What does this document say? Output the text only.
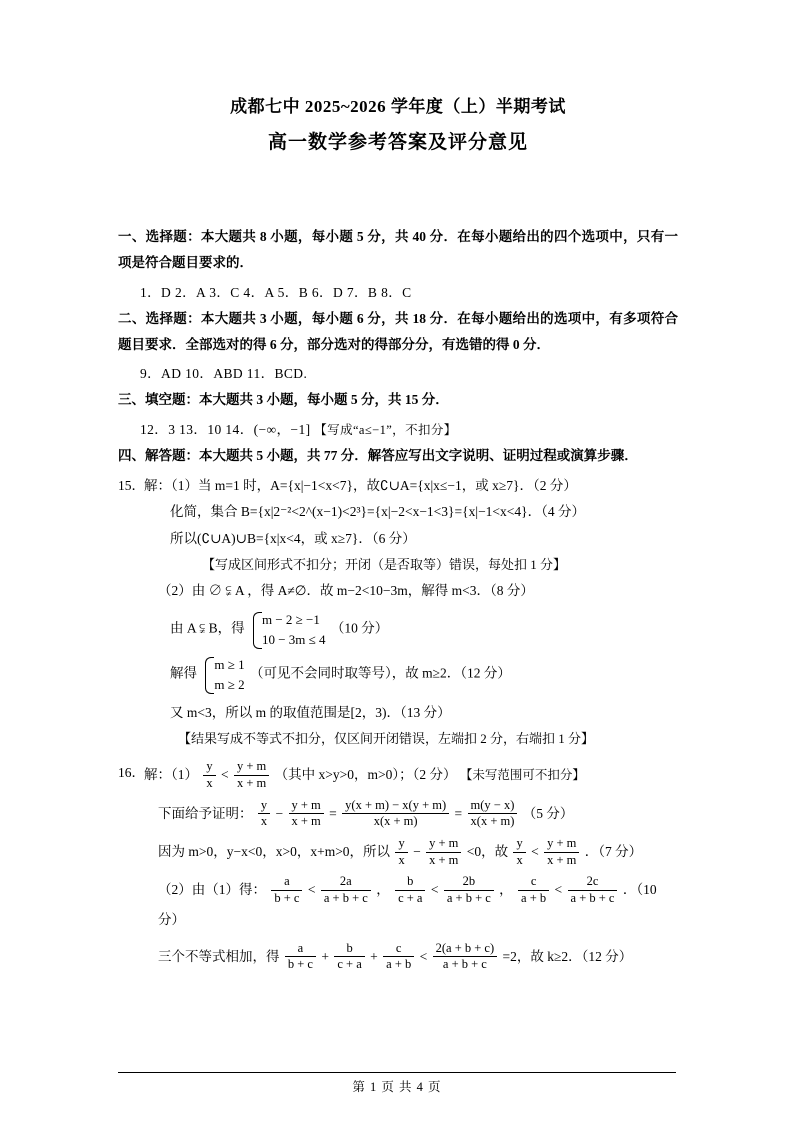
成都七中 2025~2026 学年度（上）半期考试
高一数学参考答案及评分意见
一、选择题：本大题共 8 小题，每小题 5 分，共 40 分．在每小题给出的四个选项中，只有一项是符合题目要求的．
1．D 2．A 3．C 4．A 5．B 6．D 7．B 8．C
二、选择题：本大题共 3 小题，每小题 6 分，共 18 分．在每小题给出的选项中，有多项符合题目要求．全部选对的得 6 分，部分选对的得部分分，有选错的得 0 分．
9．AD 10．ABD 11．BCD.
三、填空题：本大题共 3 小题，每小题 5 分，共 15 分．
12．3 13．10 14．(−∞，−1] 【写成“a≤−1”，不扣分】
四、解答题：本大题共 5 小题，共 77 分．解答应写出文字说明、证明过程或演算步骤．
15． 解：（1）当 m=1 时，A={x|−1<x<7}，故∁∪A={x|x≤−1，或 x≥7}．（2 分）
化简，集合 B={x|2⁻²<2^(x−1)<2³}={x|−2<x−1<3}={x|−1<x<4}．（4 分）
所以(∁∪A)∪B={x|x<4，或 x≥7}．（6 分）
【写成区间形式不扣分；开闭（是否取等）错误，每处扣 1 分】
（2）由 ∅ ⫋ A ，得 A≠∅．故 m−2<10−3m，解得 m<3．（8 分）
由 A ⫋ B，得
m − 2 ≥ −1
10 − 3m ≤ 4
（10 分）
解得
m ≥ 1
m ≥ 2
（可见不会同时取等号），故 m≥2．（12 分）
又 m<3，所以 m 的取值范围是[2，3)．（13 分）
【结果写成不等式不扣分，仅区间开闭错误，左端扣 2 分，右端扣 1 分】
16． 解：$(1) \frac{y}{x} < \frac{y + m}{x + m}$ （其中 x>y>0，m>0）；（2 分） 【未写范围可不扣分】
下面给予证明： $\frac{y}{x} - \frac{y + m}{x + m} = \frac{y(x + m) - x(y + m)}{x(x + m)} = \frac{m(y - x)}{x(x + m)} (5$ 分）
因为 m>0，y−x<0，x>0，x+m>0，所以 $\frac{y}{x} - \frac{y + m}{x + m} <0$，故 $\frac{y}{x} < \frac{y + m}{x + m}$ ．（7 分）
（2）由（1）得： $\frac{a}{b + c} < \frac{2a}{a + b + c}$ ， $\frac{b}{c + a} < \frac{2b}{a + b + c}$ ， $\frac{c}{a + b} < \frac{2c}{a + b + c}$ ．（10 分）
三个不等式相加，得 $\frac{a}{b + c} + \frac{b}{c + a} + \frac{c}{a + b} < \frac{2(a + b + c)}{a + b + c} =2$，故 k≥2．（12 分）
第 1 页 共 4 页
